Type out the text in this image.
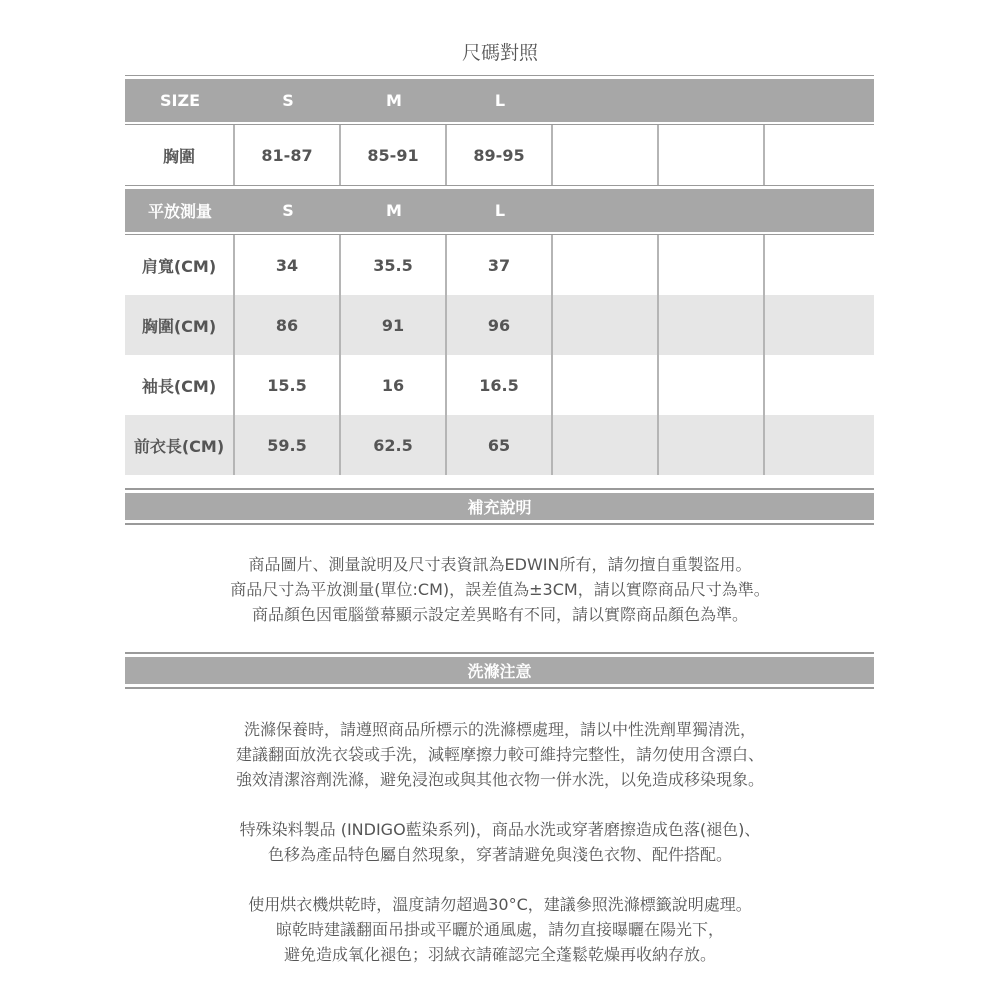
尺碼對照
SIZE	S	M	L
胸圍	81-87	85-91	89-95
平放測量	S	M	L
肩寬(CM)	34	35.5	37
胸圍(CM)	86	91	96
袖長(CM)	15.5	16	16.5
前衣長(CM)	59.5	62.5	65
補充說明
商品圖片、測量說明及尺寸表資訊為EDWIN所有，請勿擅自重製盜用。
商品尺寸為平放測量(單位:CM)，誤差值為±3CM，請以實際商品尺寸為準。
商品顏色因電腦螢幕顯示設定差異略有不同，請以實際商品顏色為準。
洗滌注意
洗滌保養時，請遵照商品所標示的洗滌標處理，請以中性洗劑單獨清洗，
建議翻面放洗衣袋或手洗，減輕摩擦力較可維持完整性，請勿使用含漂白、
強效清潔溶劑洗滌，避免浸泡或與其他衣物一併水洗，以免造成移染現象。
特殊染料製品 (INDIGO藍染系列)，商品水洗或穿著磨擦造成色落(褪色)、
色移為產品特色屬自然現象，穿著請避免與淺色衣物、配件搭配。
使用烘衣機烘乾時，溫度請勿超過30°C，建議參照洗滌標籤說明處理。
晾乾時建議翻面吊掛或平曬於通風處，請勿直接曝曬在陽光下，
避免造成氧化褪色；羽絨衣請確認完全蓬鬆乾燥再收納存放。
